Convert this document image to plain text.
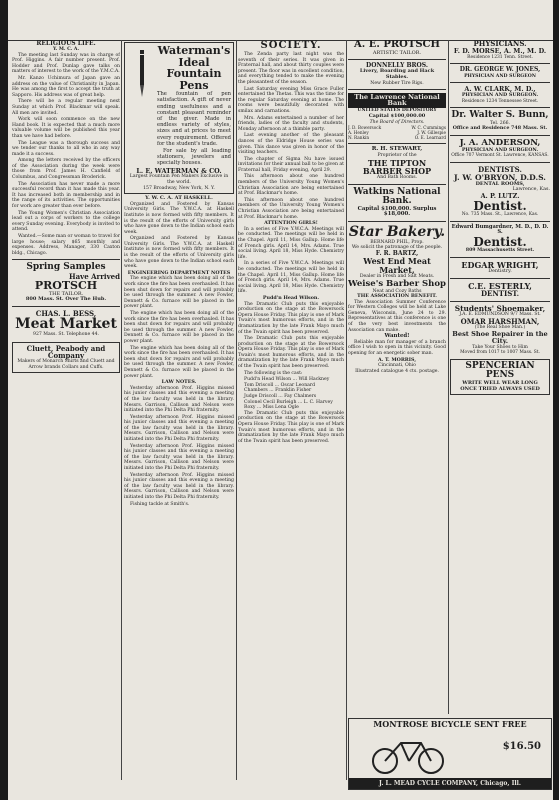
RELIGIOUS LIFE.
Y. M. C. A.

The meeting last Sunday was in charge of Prof. Higgins. A fair number present. Prof. Hodder and Prof. Dunlap gave talks on matters of interest to the work of the Y.M.C.A.

Mr. Kanzo Uchimura of Japan gave an address on the value of Christianity in Japan. He was among the first to accept the truth at Sapporo. His address was of great help.

There will be a regular meeting next Sunday at which Prof. Blackmar will speak. All men are invited.

Work will soon commence on the new Hand book. It is expected that a much more valuable volume will be published this year than we have had before.

The League was a thorough success and we tender our thanks to all who in any way made it a success.

Among the letters received by the officers of the Association during the week were those from Prof. James H. Canfield of Columbus, and Congressman Broderick.

The Association has never made a more successful record than it has made this year. It has increased both in membership and in the range of its activities. The opportunities for work are greater than ever before.

The Young Women's Christian Association lead out a corps of workers to the college every Sunday evening. Everybody is invited to attend.

Wanted.—Some man or woman to travel for large house; salary $65 monthly and expenses. Address, Manager, 330 Caxton bldg., Chicago.

Spring Samples
Have Arrived
PROTSCH
THE TAILOR.
800 Mass. St. Over The Hub.
CHAS. L. BESS,
Meat Market
927 Mass. St. Telephone 44.
Cluett, Peabody and Company
Makers of Monarch Shirts and Cluett and Arrow brands Collars and Cuffs.
Waterman's Ideal Fountain Pens

The fountain of pen satisfaction. A gift of never ending usefulness and a constant pleasant reminder of the giver. Made in endless variety of styles, sizes and at prices to meet every requirement. Offered for the student's trade.

For sale by all leading stationers, jewelers and specialty houses.

L. E. WATERMAN & CO.
Largest Fountain Pen Makers Exclusive in the world.
157 Broadway, New York, N. Y.
Y. W. C. A. AT HASKELL.

Organized and Fostered by Kansas University Girls. The Y.W.C.A. at Haskell Institute is now formed with fifty members. It is the result of the efforts of University girls who have gone down to the Indian school each week.

Organized and Fostered by Kansas University Girls. The Y.W.C.A. at Haskell Institute is now formed with fifty members. It is the result of the efforts of University girls who have gone down to the Indian school each week.

ENGINEERING DEPARTMENT NOTES

The engine which has been doing all of the work since the fire has been overhauled. It has been shut down for repairs and will probably be used through the summer. A new Fowler, Dennett & Co. furnace will be placed in the power plant.

The engine which has been doing all of the work since the fire has been overhauled. It has been shut down for repairs and will probably be used through the summer. A new Fowler, Dennett & Co. furnace will be placed in the power plant.

The engine which has been doing all of the work since the fire has been overhauled. It has been shut down for repairs and will probably be used through the summer. A new Fowler, Dennett & Co. furnace will be placed in the power plant.

LAW NOTES.

Yesterday afternoon Prof. Higgins missed his junior classes and this evening a meeting of the law faculty was held in the library. Messrs. Garrison, Callison and Nelson were initiated into the Phi Delta Phi fraternity.

Yesterday afternoon Prof. Higgins missed his junior classes and this evening a meeting of the law faculty was held in the library. Messrs. Garrison, Callison and Nelson were initiated into the Phi Delta Phi fraternity.

Yesterday afternoon Prof. Higgins missed his junior classes and this evening a meeting of the law faculty was held in the library. Messrs. Garrison, Callison and Nelson were initiated into the Phi Delta Phi fraternity.

Yesterday afternoon Prof. Higgins missed his junior classes and this evening a meeting of the law faculty was held in the library. Messrs. Garrison, Callison and Nelson were initiated into the Phi Delta Phi fraternity.

Fishing tackle at Smith's.

SOCIETY.

The Zenda party last night was the seventh of their series. It was given in Fraternal hall, and about thirty couples were present. The floor was in excellent condition, and everything tended to make the evening the pleasantest of the season.

Last Saturday evening Miss Grace Fuller entertained the Thetas. This was the time for the regular Saturday evening at home. The rooms were beautifully decorated with smilax and carnations.

Mrs. Adams entertained a number of her friends, ladies of the faculty and students, Monday afternoon at a thimble party.

Last evening another of the pleasant dances of the Eldridge House series was given. This dance was given in honor of the visiting teachers.

The chapter of Sigma Nu have issued invitations for their annual ball to be given at Fraternal hall, Friday evening, April 29.

This afternoon about one hundred members of the University Young Women's Christian Association are being entertained at Prof. Blackmar's home.

This afternoon about one hundred members of the University Young Women's Christian Association are being entertained at Prof. Blackmar's home.

ATTENTION GIRLS!

In a series of Five Y.W.C.A. Meetings will be conducted. The meetings will be held in the Chapel. April 11, Miss Gallup. Home life of French girls. April 14, Mrs. Adams. True social living. April 18, Miss Hyde. Chemistry life.

In a series of Five Y.W.C.A. Meetings will be conducted. The meetings will be held in the Chapel. April 11, Miss Gallup. Home life of French girls. April 14, Mrs. Adams. True social living. April 18, Miss Hyde. Chemistry life.

Pudd'n Head Wilson.

The Dramatic Club puts this enjoyable production on the stage at the Bowersock Opera House Friday. This play is one of Mark Twain's most humorous efforts, and in the dramatization by the late Frank Mayo much of the Twain spirit has been preserved.

The Dramatic Club puts this enjoyable production on the stage at the Bowersock Opera House Friday. This play is one of Mark Twain's most humorous efforts, and in the dramatization by the late Frank Mayo much of the Twain spirit has been preserved.

The following is the cast:

Pudd'n Head Wilson ... Will Hackney
Tom Driscoll ... Oscar Leonard
Chambers ... Franklin Fisher
Judge Driscoll ... Fay Chalmers
Colonel Cecil Burleigh ... L. C. Harvey
Roxy ... Miss Lena Ogle

The Dramatic Club puts this enjoyable production on the stage at the Bowersock Opera House Friday. This play is one of Mark Twain's most humorous efforts, and in the dramatization by the late Frank Mayo much of the Twain spirit has been preserved.

A. E. PROTSCH
ARTISTIC TAILOR.
DONNELLY BROS.
Livery, Boarding and Hack Stables.
New Rubber Tire Rigs.
The Lawrence National Bank
UNITED STATES DEPOSITORY
Capital $100,000.00
The Board of Directors.
J. D. Bowersock	W. C. Cummings
A. Henley	J. W. Gillespie
N. Rankin	O. E. Learnard
R. H. STEWART,
Proprietor of the
THE TIPTON BARBER SHOP
And Bath Rooms.
Watkins National Bank.
Capital $100,000. Surplus $18,000.
Star Bakery.
BERNARD PHIL, Prop.
We solicit the patronage of the people.
F. R. BARTZ,
West End Meat Market,
Dealer in Fresh and Salt Meats.
Weise's Barber Shop
Neat and Cozy Baths
THE ASSOCIATION BENEFIT.

The Association Summer Conference for Western Colleges will be held at Lake Geneva, Wisconsin, June 24 to 29. Representatives at this conference is one of the very best investments the Association can make.

Wanted!

Reliable man for manager of a branch office I wish to open in this vicinity. Good opening for an energetic sober man.

A. T. MORRIS,
Cincinnati, Ohio
Illustrated catalogue 4 cts. postage.
PHYSICIANS.
F. D. MORSE, A. M., M. D.
Residence 1231 Tenn. Street.
DR. GEORGE W. JONES,
PHYSICIAN AND SURGEON
A. W. CLARK, M. D.,
PHYSICIAN AND SURGEON.
Residence 1234 Tennessee Street.
Dr. Walter S. Bunn,
Tel. 266.
Office and Residence 748 Mass. St.
J. A. ANDERSON,
PHYSICIAN AND SURGEON.
Office 707 Vermont St. Lawrence, KANSAS.
DENTISTS.
J. W. O'BRYON, D.D.S.
DENTAL ROOMS,
Lawrence, Kas.
A. P. LUTZ.
Dentist.
No. 735 Mass. St., Lawrence, Kas.
Edward Bumgardner, M. D., D. D. S.
Dentist.
809 Massachusetts Street.
EDGAR WRIGHT,
Dentistry.
C.E. ESTERLY,
DENTIST.
Students' Shoemaker,
J.A. E. EDMUNDSON 9/7 Mass. St.
OMAR HARSHMAN,
(The Real Shoe Man.)
Best Shoe Repairer in the City.
Take Your Shoes to Him
Moved from 1017 to 1007 Mass. St.
SPENCERIAN PENS
WRITE WELL WEAR LONG
ONCE TRIED ALWAYS USED
MONTROSE BICYCLE SENT FREE
$16.50
J. L. MEAD CYCLE COMPANY, Chicago, Ill.
